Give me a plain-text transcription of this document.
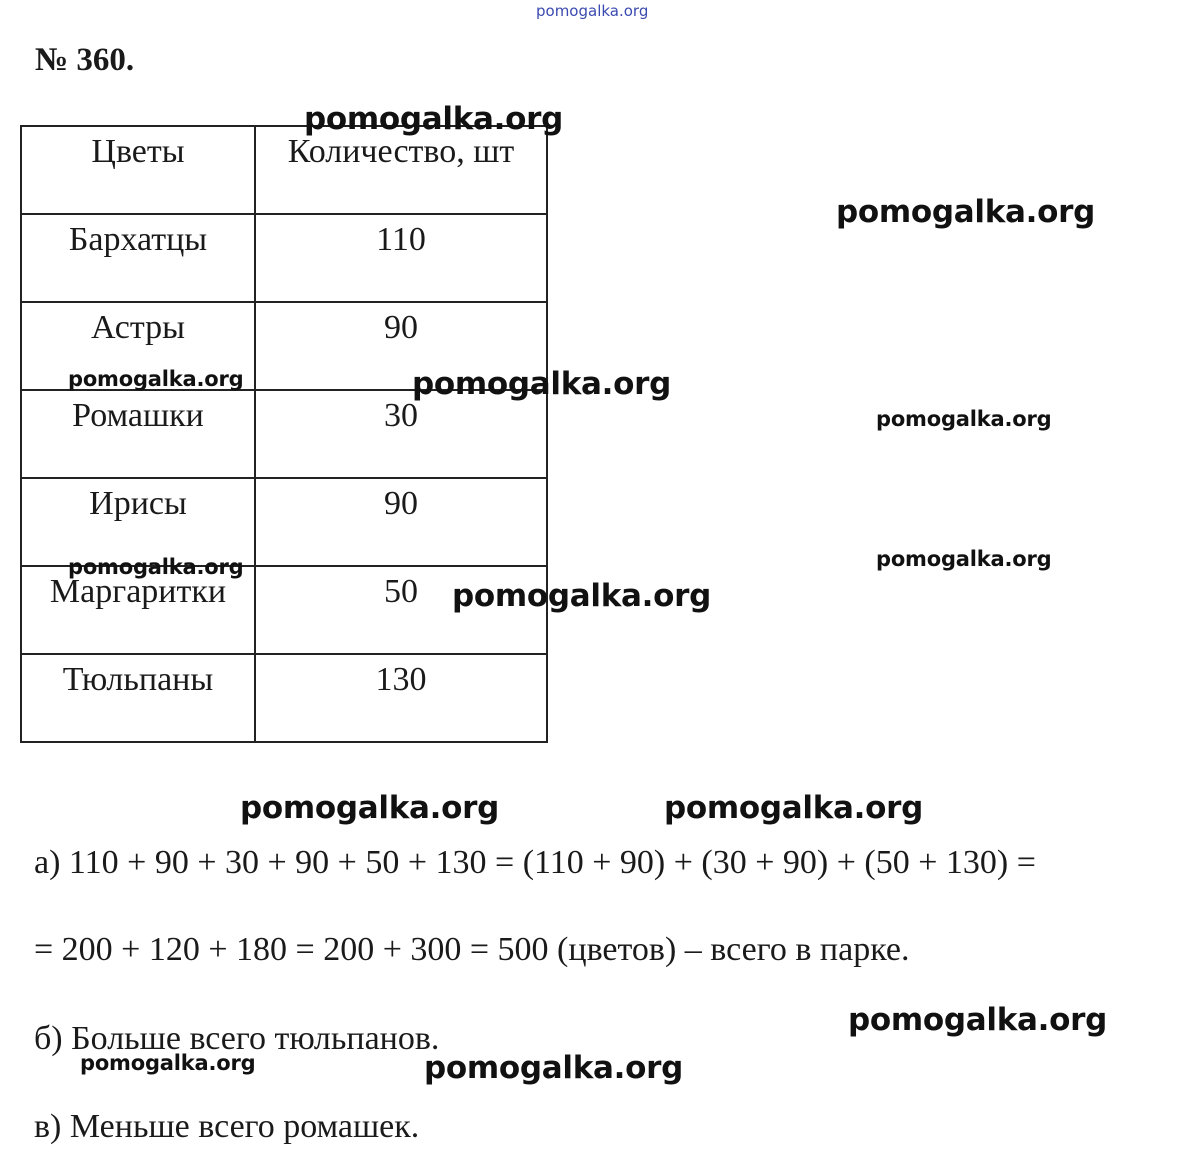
pomogalka.org
№ 360.
Цветы	Количество, шт
Бархатцы	110
Астры	90
Ромашки	30
Ирисы	90
Маргаритки	50
Тюльпаны	130
pomogalka.org
pomogalka.org
pomogalka.org	pomogalka.org
pomogalka.org
pomogalka.org
pomogalka.org
pomogalka.org
pomogalka.org	pomogalka.org
а) 110 + 90 + 30 + 90 + 50 + 130 = (110 + 90) + (30 + 90) + (50 + 130) =
= 200 + 120 + 180 = 200 + 300 = 500 (цветов) – всего в парке.
pomogalka.org
б) Больше всего тюльпанов.
pomogalka.org	pomogalka.org
в) Меньше всего ромашек.
